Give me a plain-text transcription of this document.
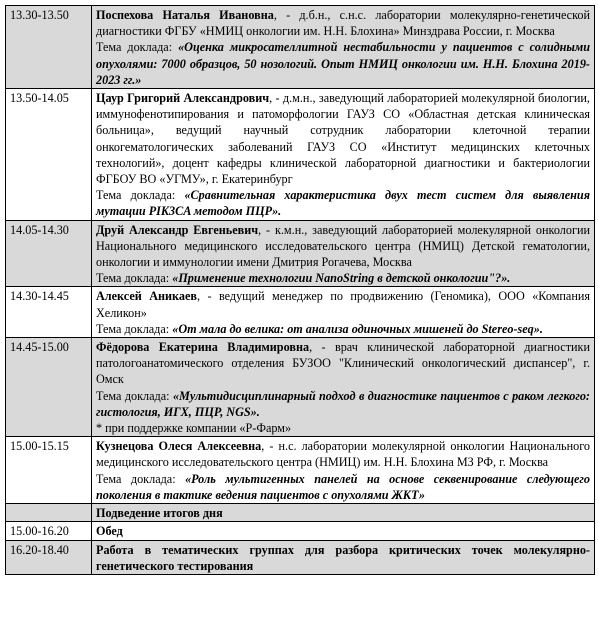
13.30-13.50	Поспехова Наталья Ивановна, - д.б.н., с.н.с. лаборатории молекулярно-генетической диагностики ФГБУ «НМИЦ онкологии им. Н.Н. Блохина» Минздрава России, г. Москва
Тема доклада: «Оценка микросателлитной нестабильности у пациентов с солидными опухолями: 7000 образцов, 50 нозологий. Опыт НМИЦ онкологии им. Н.Н. Блохина 2019-2023 гг.»
13.50-14.05	Цаур Григорий Александрович, - д.м.н., заведующий лабораторией молекулярной биологии, иммунофенотипирования и патоморфологии ГАУЗ СО «Областная детская клиническая больница», ведущий научный сотрудник лаборатории клеточной терапии онкогематологических заболеваний ГАУЗ СО «Институт медицинских клеточных технологий», доцент кафедры клинической лабораторной диагностики и бактериологии ФГБОУ ВО «УГМУ», г. Екатеринбург
Тема доклада: «Сравнительная характеристика двух тест систем для выявления мутации PIK3CA методом ПЦР».
14.05-14.30	Друй Александр Евгеньевич, - к.м.н., заведующий лабораторией молекулярной онкологии Национального медицинского исследовательского центра (НМИЦ) Детской гематологии, онкологии и иммунологии имени Дмитрия Рогачева, Москва
Тема доклада: «Применение технологии NanoString в детской онкологии"?».
14.30-14.45	Алексей Аникаев, - ведущий менеджер по продвижению (Геномика), ООО «Компания Хеликон»
Тема доклада: «От мала до велика: от анализа одиночных мишеней до Stereo-seq».
14.45-15.00	Фёдорова Екатерина Владимировна, - врач клинической лабораторной диагностики патологоанатомического отделения БУЗОО "Клинический онкологический диспансер", г. Омск
Тема доклада: «Мультидисциплинарный подход в диагностике пациентов с раком легкого: гистология, ИГХ, ПЦР, NGS».
* при поддержке компании «Р-Фарм»
15.00-15.15	Кузнецова Олеся Алексеевна, - н.с. лаборатории молекулярной онкологии Национального медицинского исследовательского центра (НМИЦ) им. Н.Н. Блохина МЗ РФ, г. Москва
Тема доклада: «Роль мультигенных панелей на основе секвенирование следующего поколения в тактике ведения пациентов с опухолями ЖКТ»
	Подведение итогов дня
15.00-16.20	Обед
16.20-18.40	Работа в тематических группах для разбора критических точек молекулярно-генетического тестирования
